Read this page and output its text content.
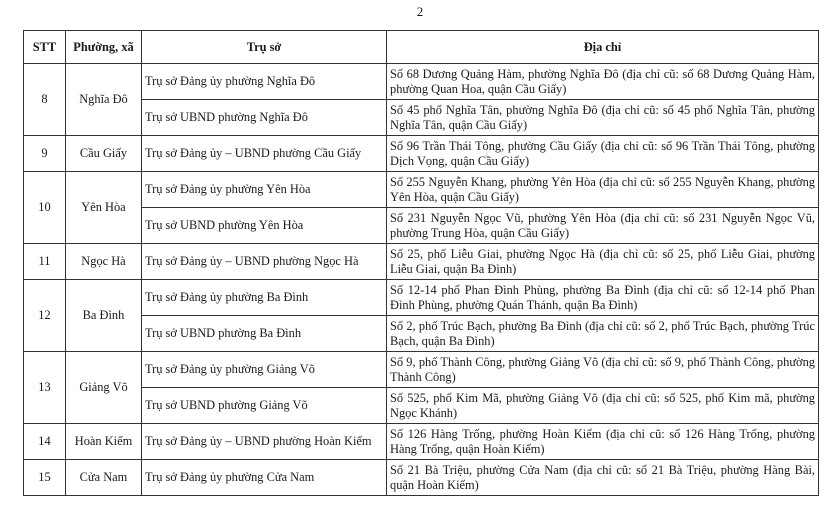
2
STT	Phường, xã	Trụ sở	Địa chỉ
8	Nghĩa Đô	Trụ sở Đảng ủy phường Nghĩa Đô	Số 68 Dương Quảng Hàm, phường Nghĩa Đô (địa chỉ cũ: số 68 Dương Quảng Hàm, phường Quan Hoa, quận Cầu Giấy)
		Trụ sở UBND phường Nghĩa Đô	Số 45 phố Nghĩa Tân, phường Nghĩa Đô (địa chỉ cũ: số 45 phố Nghĩa Tân, phường Nghĩa Tân, quận Cầu Giấy)
9	Cầu Giấy	Trụ sở Đảng ủy – UBND phường Cầu Giấy	Số 96 Trần Thái Tông, phường Cầu Giấy (địa chỉ cũ: số 96 Trần Thái Tông, phường Dịch Vọng, quận Cầu Giấy)
10	Yên Hòa	Trụ sở Đảng ủy phường Yên Hòa	Số 255 Nguyễn Khang, phường Yên Hòa (địa chỉ cũ: số 255 Nguyễn Khang, phường Yên Hòa, quận Cầu Giấy)
		Trụ sở UBND phường Yên Hòa	Số 231 Nguyễn Ngọc Vũ, phường Yên Hòa (địa chỉ cũ: số 231 Nguyễn Ngọc Vũ, phường Trung Hòa, quận Cầu Giấy)
11	Ngọc Hà	Trụ sở Đảng ủy – UBND phường Ngọc Hà	Số 25, phố Liễu Giai, phường Ngọc Hà (địa chỉ cũ: số 25, phố Liễu Giai, phường Liễu Giai, quận Ba Đình)
12	Ba Đình	Trụ sở Đảng ủy phường Ba Đình	Số 12-14 phố Phan Đình Phùng, phường Ba Đình (địa chỉ cũ: số 12-14 phố Phan Đình Phùng, phường Quán Thánh, quận Ba Đình)
		Trụ sở UBND phường Ba Đình	Số 2, phố Trúc Bạch, phường Ba Đình (địa chỉ cũ: số 2, phố Trúc Bạch, phường Trúc Bạch, quận Ba Đình)
13	Giảng Võ	Trụ sở Đảng ủy phường Giảng Võ	Số 9, phố Thành Công, phường Giảng Võ (địa chỉ cũ: số 9, phố Thành Công, phường Thành Công)
		Trụ sở UBND phường Giảng Võ	Số 525, phố Kim Mã, phường Giảng Võ (địa chỉ cũ: số 525, phố Kim mã, phường Ngọc Khánh)
14	Hoàn Kiếm	Trụ sở Đảng ủy – UBND phường Hoàn Kiếm	Số 126 Hàng Trống, phường Hoàn Kiếm (địa chỉ cũ: số 126 Hàng Trống, phường Hàng Trống, quận Hoàn Kiếm)
15	Cửa Nam	Trụ sở Đảng ủy phường Cửa Nam	Số 21 Bà Triệu, phường Cửa Nam (địa chỉ cũ: số 21 Bà Triệu, phường Hàng Bài, quận Hoàn Kiếm)
